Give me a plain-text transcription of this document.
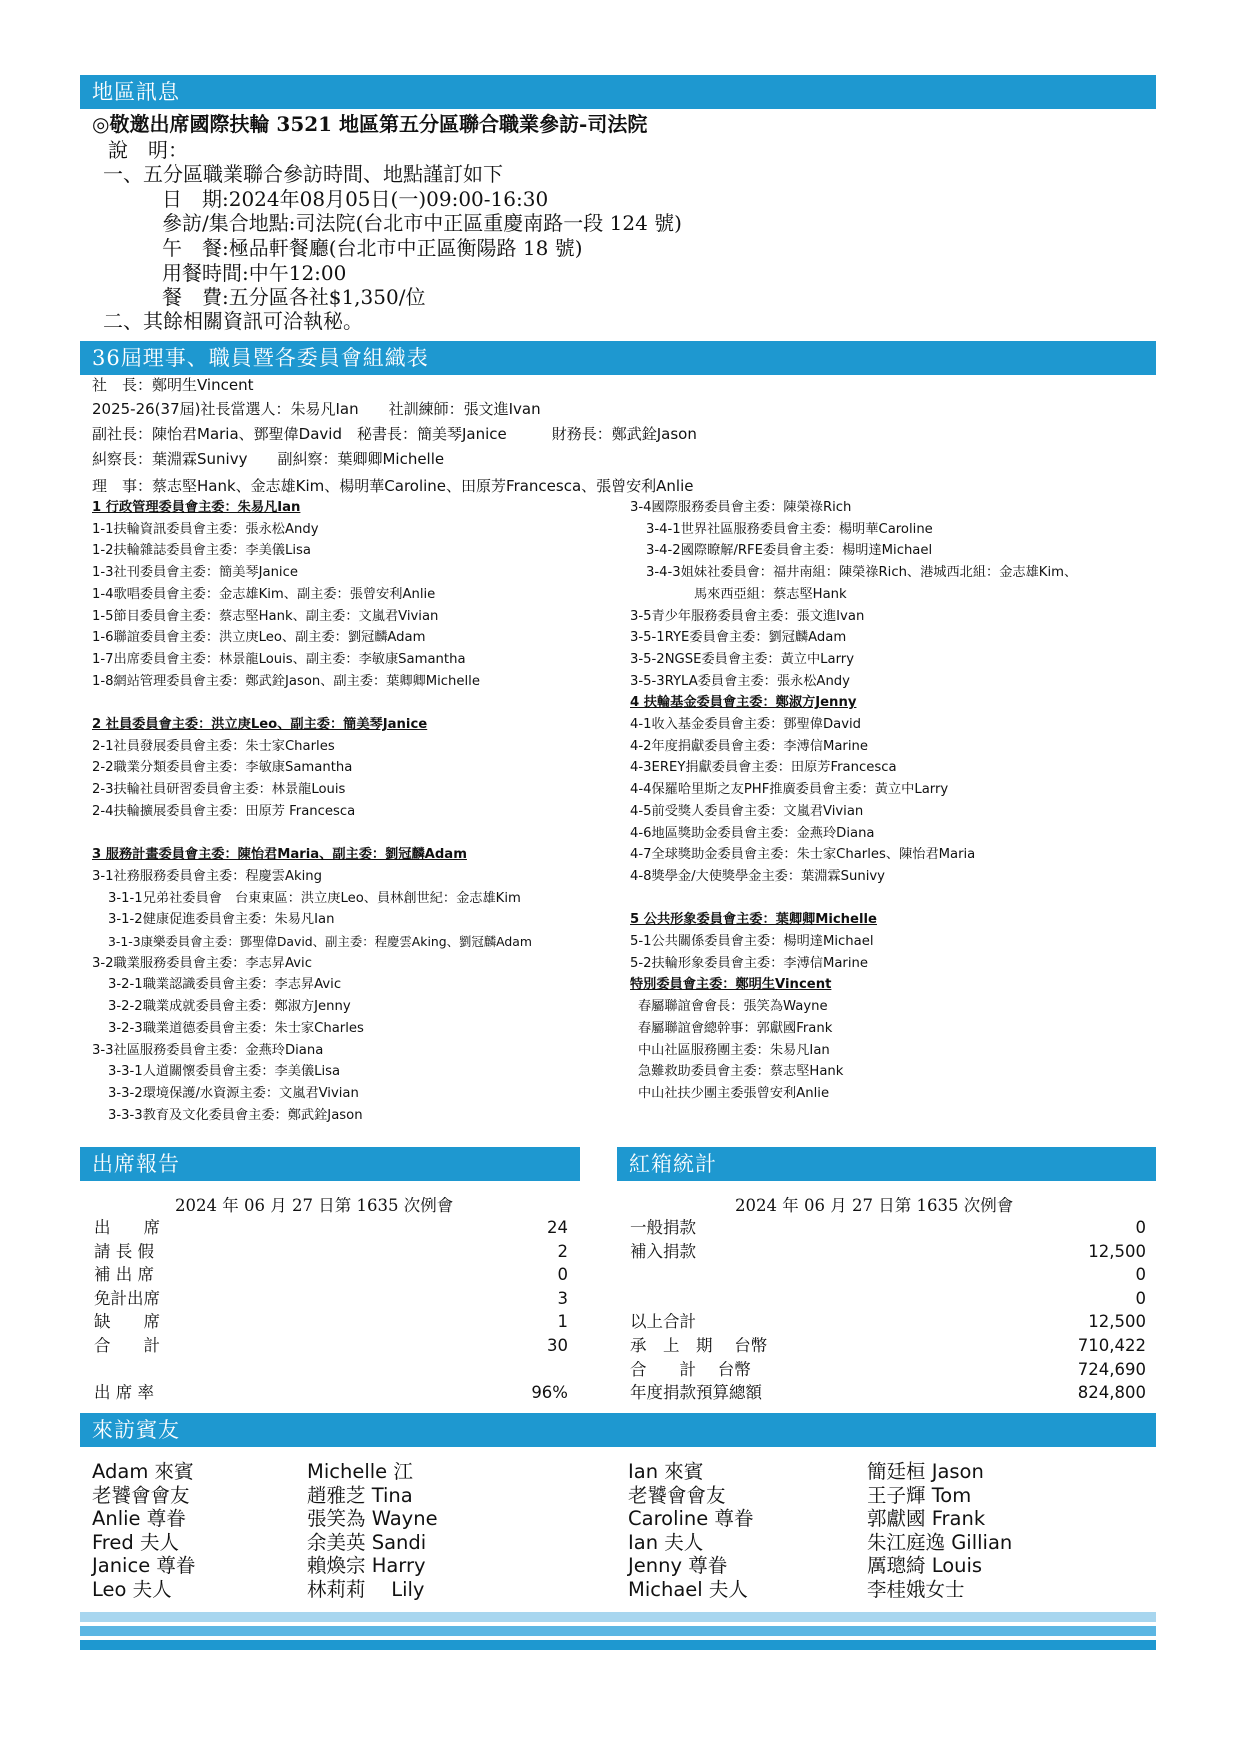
地區訊息
36屆理事、職員暨各委員會組織表
出席報告	紅箱統計
來訪賓友
◎敬邀出席國際扶輪 3521 地區第五分區聯合職業參訪-司法院
說　明：
一、五分區職業聯合參訪時間、地點謹訂如下
日　期:2024年08月05日(一)09:00-16:30
參訪/集合地點:司法院(台北市中正區重慶南路一段 124 號)
午　餐:極品軒餐廳(台北市中正區衡陽路 18 號)
用餐時間:中午12:00
餐　費:五分區各社$1,350/位
二、其餘相關資訊可洽執秘。
社　長：鄭明生Vincent
2025-26(37屆)社長當選人：朱易凡Ian　　社訓練師：張文進Ivan
副社長：陳怡君Maria、鄧聖偉David　秘書長：簡美琴Janice　　　財務長：鄭武銓Jason
糾察長：葉淵霖Sunivy　　副糾察：葉卿卿Michelle
理　事：蔡志堅Hank、金志雄Kim、楊明華Caroline、田原芳Francesca、張曾安利Anlie
1 行政管理委員會主委：朱易凡Ian
1-1扶輪資訊委員會主委：張永松Andy
1-2扶輪雜誌委員會主委：李美儀Lisa
1-3社刊委員會主委：簡美琴Janice
1-4歌唱委員會主委：金志雄Kim、副主委：張曾安利Anlie
1-5節目委員會主委：蔡志堅Hank、副主委：文嵐君Vivian
1-6聯誼委員會主委：洪立庚Leo、副主委：劉冠麟Adam
1-7出席委員會主委：林景龍Louis、副主委：李敏康Samantha
1-8網站管理委員會主委：鄭武銓Jason、副主委：葉卿卿Michelle
2 社員委員會主委：洪立庚Leo、副主委：簡美琴Janice
2-1社員發展委員會主委：朱士家Charles
2-2職業分類委員會主委：李敏康Samantha
2-3扶輪社員研習委員會主委：林景龍Louis
2-4扶輪擴展委員會主委：田原芳 Francesca
3 服務計畫委員會主委：陳怡君Maria、副主委：劉冠麟Adam
3-1社務服務委員會主委：程慶雲Aking
3-1-1兄弟社委員會　台東東區：洪立庚Leo、員林創世紀：金志雄Kim
3-1-2健康促進委員會主委：朱易凡Ian
3-1-3康樂委員會主委：鄧聖偉David、副主委：程慶雲Aking、劉冠麟Adam
3-2職業服務委員會主委：李志昇Avic
3-2-1職業認識委員會主委：李志昇Avic
3-2-2職業成就委員會主委：鄭淑方Jenny
3-2-3職業道德委員會主委：朱士家Charles
3-3社區服務委員會主委：金燕玲Diana
3-3-1人道關懷委員會主委：李美儀Lisa
3-3-2環境保護/水資源主委：文嵐君Vivian
3-3-3教育及文化委員會主委：鄭武銓Jason
3-4國際服務委員會主委：陳榮祿Rich
3-4-1世界社區服務委員會主委：楊明華Caroline
3-4-2國際瞭解/RFE委員會主委：楊明達Michael
3-4-3姐妹社委員會：福井南組：陳榮祿Rich、港城西北組：金志雄Kim、
馬來西亞組：蔡志堅Hank
3-5青少年服務委員會主委：張文進Ivan
3-5-1RYE委員會主委：劉冠麟Adam
3-5-2NGSE委員會主委：黃立中Larry
3-5-3RYLA委員會主委：張永松Andy
4 扶輪基金委員會主委：鄭淑方Jenny
4-1收入基金委員會主委：鄧聖偉David
4-2年度捐獻委員會主委：李溥信Marine
4-3EREY捐獻委員會主委：田原芳Francesca
4-4保羅哈里斯之友PHF推廣委員會主委：黃立中Larry
4-5前受獎人委員會主委：文嵐君Vivian
4-6地區獎助金委員會主委：金燕玲Diana
4-7全球獎助金委員會主委：朱士家Charles、陳怡君Maria
4-8獎學金/大使獎學金主委：葉淵霖Sunivy
5 公共形象委員會主委：葉卿卿Michelle
5-1公共關係委員會主委：楊明達Michael
5-2扶輪形象委員會主委：李溥信Marine
特別委員會主委：鄭明生Vincent
春屬聯誼會會長：張笑為Wayne
春屬聯誼會總幹事：郭獻國Frank
中山社區服務團主委：朱易凡Ian
急難救助委員會主委：蔡志堅Hank
中山社扶少團主委張曾安利Anlie
2024 年 06 月 27 日第 1635 次例會
出　　席	24
請 長 假	2
補 出 席	0
免計出席	3
缺　　席	1
合　　計	30
出 席 率	96%
2024 年 06 月 27 日第 1635 次例會
一般捐款	0
補入捐款	12,500
0
0
以上合計	12,500
承　上　期　 台幣	710,422
合　　計　 台幣	724,690
年度捐款預算總額	824,800
Adam 來賓
老饕會會友
Anlie 尊眷
Fred 夫人
Janice 尊眷
Leo 夫人
Michelle 江
趙雅芝 Tina
張笑為 Wayne
余美英 Sandi
賴煥宗 Harry
林莉莉　 Lily
Ian 來賓
老饕會會友
Caroline 尊眷
Ian 夫人
Jenny 尊眷
Michael 夫人
簡廷桓 Jason
王子輝 Tom
郭獻國 Frank
朱江庭逸 Gillian
厲璁綺 Louis
李桂娥女士
